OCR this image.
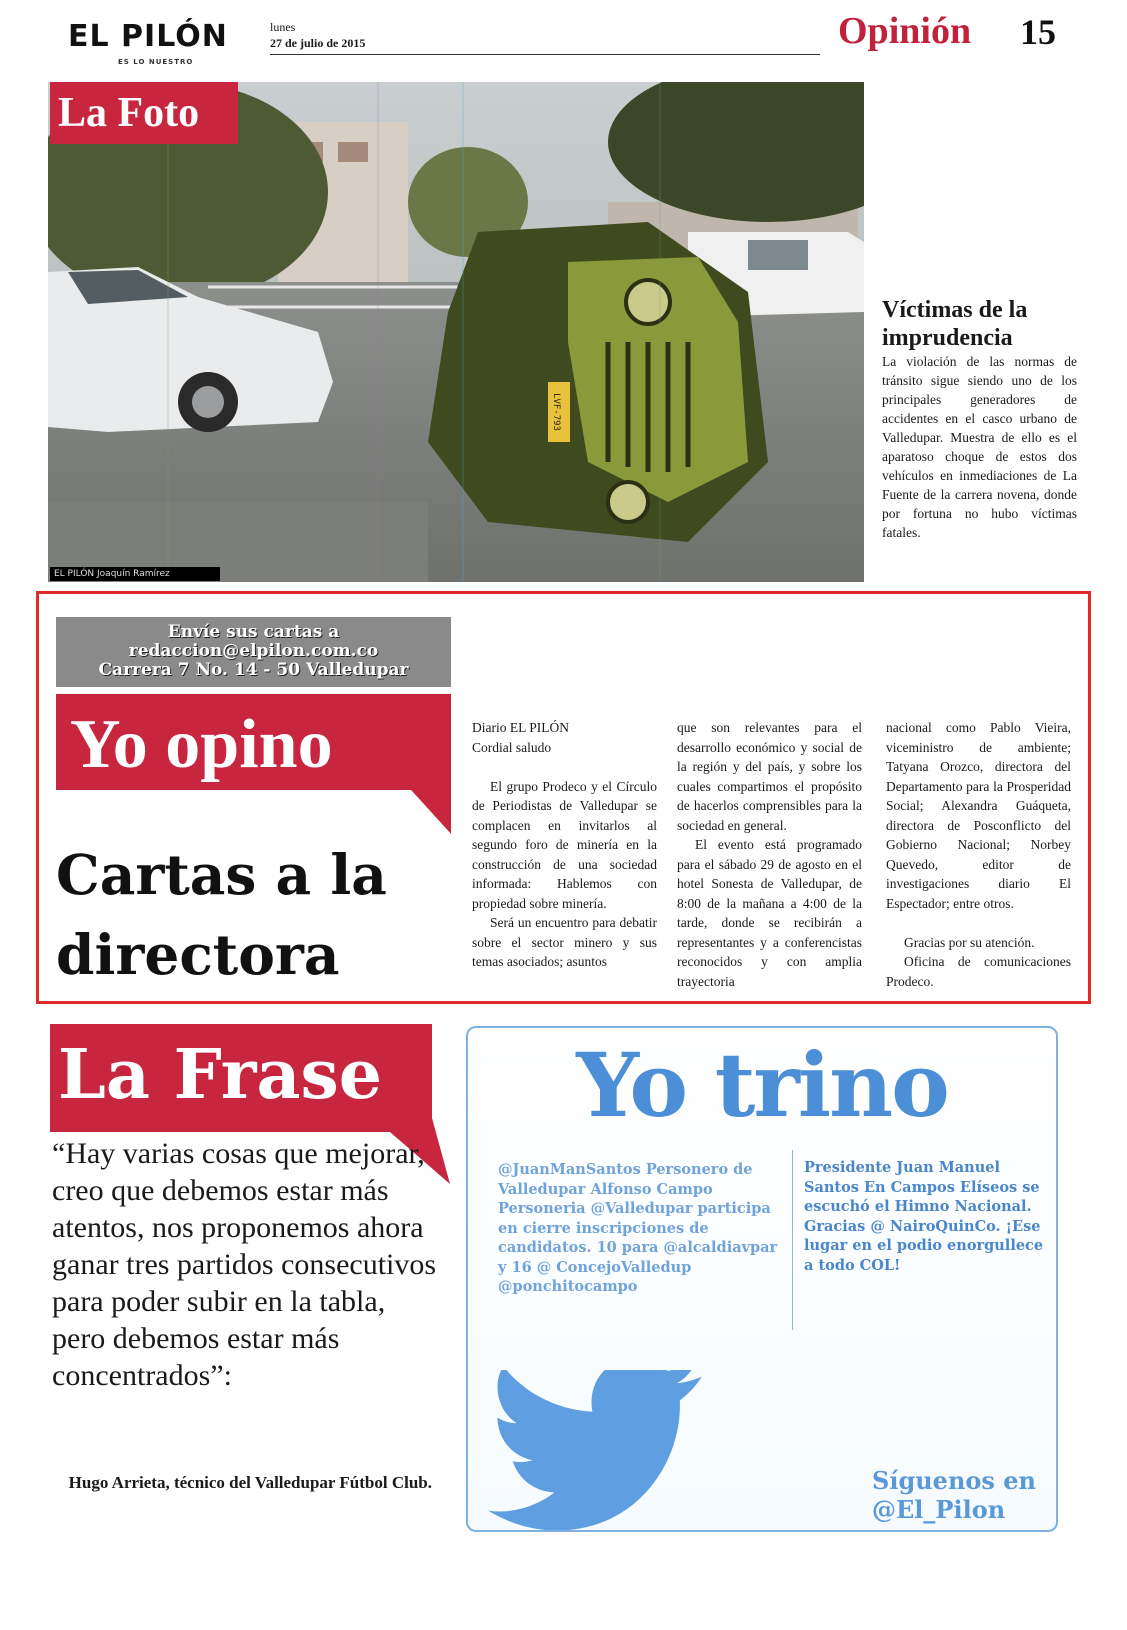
EL PILÓN
ES LO NUESTRO
lunes
27 de julio de 2015	Opinión 15
LVF-793
La Foto
EL PILÓN Joaquín Ramírez
Víctimas de la imprudencia
La violación de las normas de tránsito sigue siendo uno de los principales generadores de accidentes en el casco urbano de Valledupar. Muestra de ello es el aparatoso choque de estos dos vehículos en inmediaciones de La Fuente de la carrera novena, donde por fortuna no hubo víctimas fatales.
Envíe sus cartas a
redaccion@elpilon.com.co
Carrera 7 No. 14 - 50 Valledupar
Yo opino
Cartas a la directora

Diario EL PILÓN

Cordial saludo

El grupo Prodeco y el Círculo de Periodistas de Valledupar se complacen en invitarlos al segundo foro de minería en la construcción de una sociedad informada: Hablemos con propiedad sobre minería.

Será un encuentro para debatir sobre el sector minero y sus temas asociados; asuntos

que son relevantes para el desarrollo económico y social de la región y del país, y sobre los cuales compartimos el propósito de hacerlos comprensibles para la sociedad en general.

El evento está programado para el sábado 29 de agosto en el hotel Sonesta de Valledupar, de 8:00 de la mañana a 4:00 de la tarde, donde se recibirán a representantes y a conferencistas reconocidos y con amplia trayectoria

nacional como Pablo Vieira, viceministro de ambiente; Tatyana Orozco, directora del Departamento para la Prosperidad Social; Alexandra Guáqueta, directora de Posconflicto del Gobierno Nacional; Norbey Quevedo, editor de investigaciones diario El Espectador; entre otros.

Gracias por su atención.

Oficina de comunicaciones Prodeco.

La Frase
“Hay varias cosas que mejorar, creo que debemos estar más atentos, nos proponemos ahora ganar tres partidos consecutivos para poder subir en la tabla, pero debemos estar más concentrados”:
Hugo Arrieta, técnico del Valledupar Fútbol Club.
Yo trino
@JuanManSantos Personero de Valledupar Alfonso Campo Personeria @Valledupar participa en cierre inscripciones de candidatos. 10 para @alcaldiavpar y 16 @ ConcejoValledup @ponchitocampo
Presidente Juan Manuel Santos En Campos Elíseos se escuchó el Himno Nacional. Gracias @ NairoQuinCo. ¡Ese lugar en el podio enorgullece a todo COL!
Síguenos en
@El_Pilon
